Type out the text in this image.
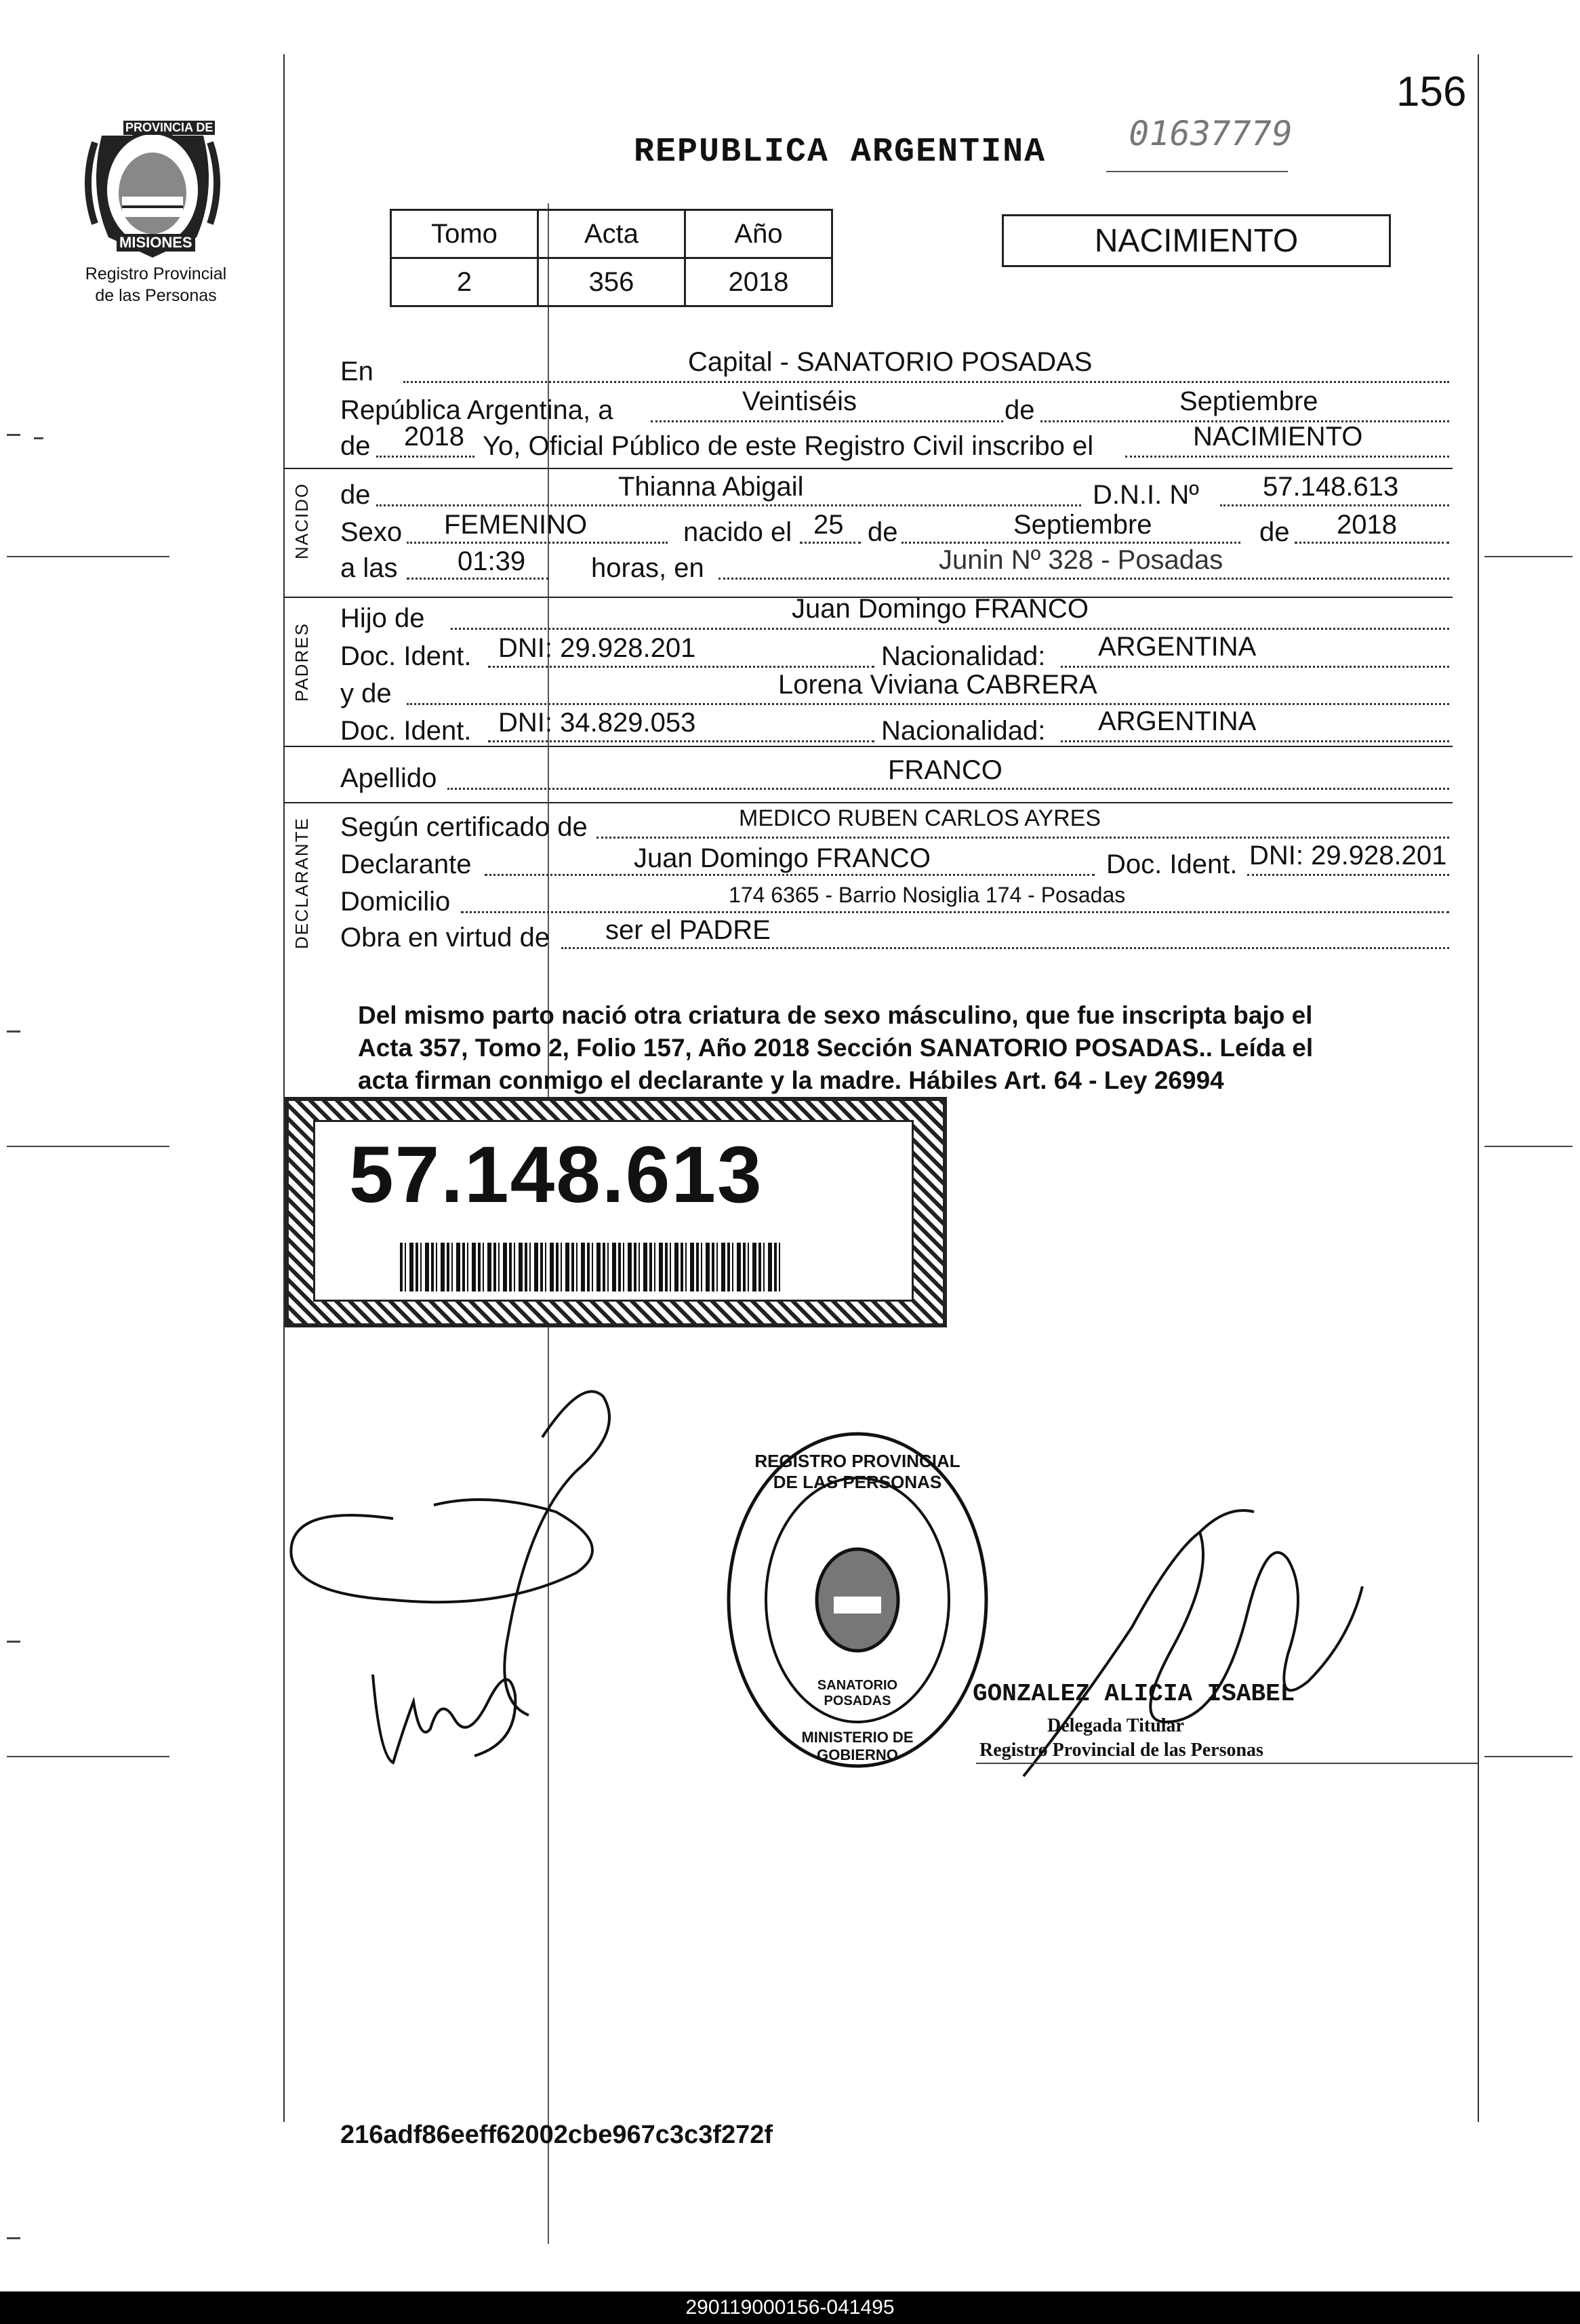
156
PROVINCIA DE
MISIONES
Registro Provincial
de las Personas
REPUBLICA ARGENTINA 01637779
Tomo	Acta	Año
2	356	2018
NACIMIENTO
En	Capital - SANATORIO POSADAS
República Argentina, a	Veintiséis	de	Septiembre
de 2018 Yo, Oficial Público de este Registro Civil inscribo el	NACIMIENTO
NACIDO de	Thianna Abigail	D.N.I. Nº 57.148.613
Sexo FEMENINO	nacido el 25 de	Septiembre	de 2018
a las 01:39 horas, en	Junin Nº 328 - Posadas
PADRES
Hijo de	Juan Domingo FRANCO
Doc. Ident. DNI: 29.928.201	Nacionalidad: ARGENTINA
y de	Lorena Viviana CABRERA
Doc. Ident. DNI: 34.829.053	Nacionalidad: ARGENTINA
Apellido	FRANCO
DECLARANTE Según certificado de	MEDICO RUBEN CARLOS AYRES
Declarante	Juan Domingo FRANCO	Doc. Ident. DNI: 29.928.201
Domicilio	174 6365 - Barrio Nosiglia 174 - Posadas
Obra en virtud de ser el PADRE
Del mismo parto nació otra criatura de sexo másculino, que fue inscripta bajo el
Acta 357, Tomo 2, Folio 157, Año 2018 Sección SANATORIO POSADAS.. Leída el
acta firman conmigo el declarante y la madre. Hábiles Art. 64 - Ley 26994
57.148.613
REGISTRO PROVINCIAL DE LAS PERSONAS
SANATORIO POSADAS
MINISTERIO DE GOBIERNO
GONZALEZ ALICIA ISABEL
Delegada Titular
Registro Provincial de las Personas
216adf86eeff62002cbe967c3c3f272f
290119000156-041495
